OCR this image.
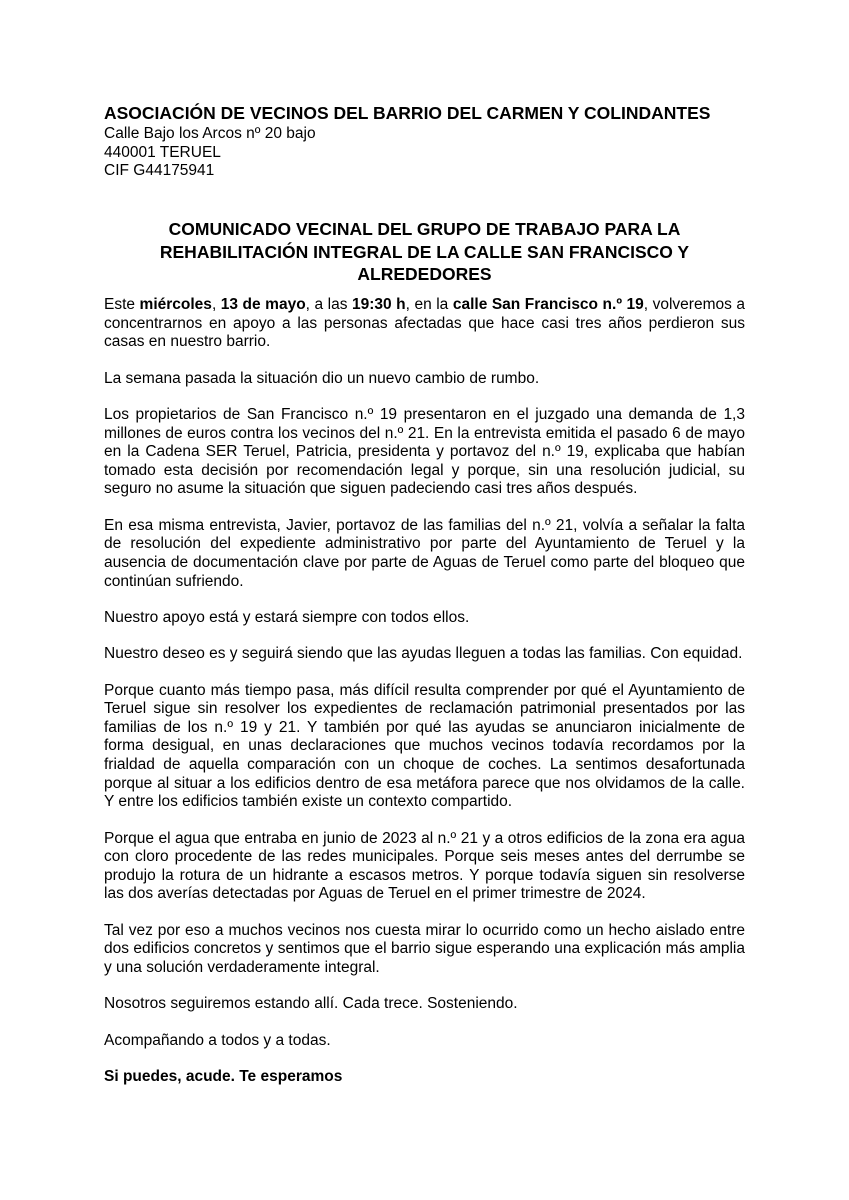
ASOCIACIÓN DE VECINOS DEL BARRIO DEL CARMEN Y COLINDANTES

Calle Bajo los Arcos nº 20 bajo

440001 TERUEL

CIF G44175941

COMUNICADO VECINAL DEL GRUPO DE TRABAJO PARA LA REHABILITACIÓN INTEGRAL DE LA CALLE SAN FRANCISCO Y ALREDEDORES

Este miércoles, 13 de mayo, a las 19:30 h, en la calle San Francisco n.º 19, volveremos a concentrarnos en apoyo a las personas afectadas que hace casi tres años perdieron sus casas en nuestro barrio.

La semana pasada la situación dio un nuevo cambio de rumbo.

Los propietarios de San Francisco n.º 19 presentaron en el juzgado una demanda de 1,3 millones de euros contra los vecinos del n.º 21. En la entrevista emitida el pasado 6 de mayo en la Cadena SER Teruel, Patricia, presidenta y portavoz del n.º 19, explicaba que habían tomado esta decisión por recomendación legal y porque, sin una resolución judicial, su seguro no asume la situación que siguen padeciendo casi tres años después.

En esa misma entrevista, Javier, portavoz de las familias del n.º 21, volvía a señalar la falta de resolución del expediente administrativo por parte del Ayuntamiento de Teruel y la ausencia de documentación clave por parte de Aguas de Teruel como parte del bloqueo que continúan sufriendo.

Nuestro apoyo está y estará siempre con todos ellos.

Nuestro deseo es y seguirá siendo que las ayudas lleguen a todas las familias. Con equidad.

Porque cuanto más tiempo pasa, más difícil resulta comprender por qué el Ayuntamiento de Teruel sigue sin resolver los expedientes de reclamación patrimonial presentados por las familias de los n.º 19 y 21. Y también por qué las ayudas se anunciaron inicialmente de forma desigual, en unas declaraciones que muchos vecinos todavía recordamos por la frialdad de aquella comparación con un choque de coches. La sentimos desafortunada porque al situar a los edificios dentro de esa metáfora parece que nos olvidamos de la calle. Y entre los edificios también existe un contexto compartido.

Porque el agua que entraba en junio de 2023 al n.º 21 y a otros edificios de la zona era agua con cloro procedente de las redes municipales. Porque seis meses antes del derrumbe se produjo la rotura de un hidrante a escasos metros. Y porque todavía siguen sin resolverse las dos averías detectadas por Aguas de Teruel en el primer trimestre de 2024.

Tal vez por eso a muchos vecinos nos cuesta mirar lo ocurrido como un hecho aislado entre dos edificios concretos y sentimos que el barrio sigue esperando una explicación más amplia y una solución verdaderamente integral.

Nosotros seguiremos estando allí. Cada trece. Sosteniendo.

Acompañando a todos y a todas.

Si puedes, acude. Te esperamos
